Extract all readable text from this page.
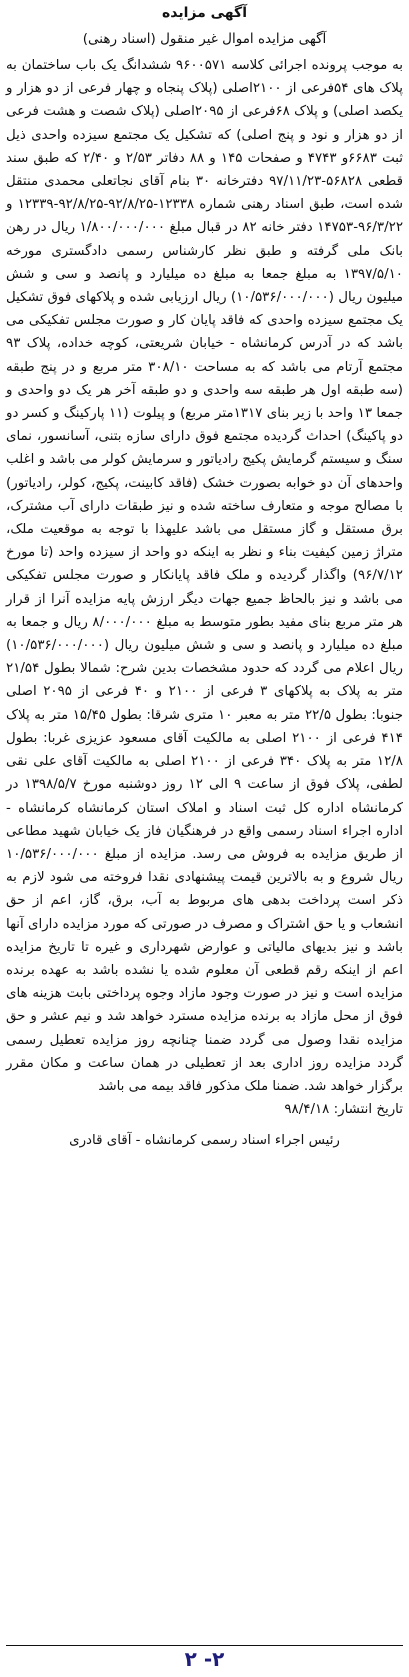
آگهی مزایده
آگهی مزایده اموال غیر منقول (اسناد رهنی)

به موجب پرونده اجرائی کلاسه ۹۶۰۰۵۷۱ ششدانگ یک باب ساختمان به پلاک های ۵۴فرعی از ۲۱۰۰اصلی (پلاک پنجاه و چهار فرعی از دو هزار و یکصد اصلی) و پلاک ۶۸فرعی از ۲۰۹۵اصلی (پلاک شصت و هشت فرعی از دو هزار و نود و پنج اصلی) که تشکیل یک مجتمع سیزده واحدی ذیل ثبت ۶۶۸۳و ۴۷۴۳ و صفحات ۱۴۵ و ۸۸ دفاتر ۲/۵۳ و ۲/۴۰ که طبق سند قطعی ۵۶۸۲۸-۹۷/۱۱/۲۳ دفترخانه ۳۰ بنام آقای نجاتعلی محمدی منتقل شده است، طبق اسناد رهنی شماره ۱۲۳۳۸-۹۲/۸/۲۵-۹۲/۸/۲۵-۱۲۳۳۹ و ۹۶/۳/۲۲-۱۴۷۵۳ دفتر خانه ۸۲ در قبال مبلغ ۱/۸۰۰/۰۰۰/۰۰۰ ریال در رهن بانک ملی گرفته و طبق نظر کارشناس رسمی دادگستری مورخه ۱۳۹۷/۵/۱۰ به مبلغ جمعا به مبلغ ده میلیارد و پانصد و سی و شش میلیون ریال (۱۰/۵۳۶/۰۰۰/۰۰۰) ریال ارزیابی شده و پلاکهای فوق تشکیل یک مجتمع سیزده واحدی که فاقد پایان کار و صورت مجلس تفکیکی می باشد که در آدرس کرمانشاه - خیابان شریعتی، کوچه خداده، پلاک ۹۳ مجتمع آرتام می باشد که به مساحت ۳۰۸/۱۰ متر مربع و در پنج طبقه (سه طبقه اول هر طبقه سه واحدی و دو طبقه آخر هر یک دو واحدی و جمعا ۱۳ واحد با زیر بنای ۱۳۱۷متر مربع) و پیلوت (۱۱ پارکینگ و کسر دو دو پاکینگ) احداث گردیده مجتمع فوق دارای سازه بتنی، آسانسور، نمای سنگ و سیستم گرمایش پکیج رادیاتور و سرمایش کولر می باشد و اغلب واحدهای آن دو خوابه بصورت خشک (فاقد کابینت، پکیج، کولر، رادیاتور) با مصالح موجه و متعارف ساخته شده و نیز طبقات دارای آب مشترک، برق مستقل و گاز مستقل می باشد علیهذا با توجه به موقعیت ملک، متراژ زمین کیفیت بناء و نظر به اینکه دو واحد از سیزده واحد (تا مورخ ۹۶/۷/۱۲) واگذار گردیده و ملک فاقد پایانکار و صورت مجلس تفکیکی می باشد و نیز بالحاظ جمیع جهات دیگر ارزش پایه مزایده آنرا از قرار هر متر مربع بنای مفید بطور متوسط به مبلغ ۸/۰۰۰/۰۰۰ ریال و جمعا به مبلغ ده میلیارد و پانصد و سی و شش میلیون ریال (۱۰/۵۳۶/۰۰۰/۰۰۰) ریال اعلام می گردد که حدود مشخصات بدین شرح: شمالا بطول ۲۱/۵۴ متر به پلاک به پلاکهای ۳ فرعی از ۲۱۰۰ و ۴۰ فرعی از ۲۰۹۵ اصلی جنوبا: بطول ۲۲/۵ متر به معبر ۱۰ متری شرقا: بطول ۱۵/۴۵ متر به پلاک ۴۱۴ فرعی از ۲۱۰۰ اصلی به مالکیت آقای مسعود عزیزی غربا: بطول ۱۲/۸ متر به پلاک ۳۴۰ فرعی از ۲۱۰۰ اصلی به مالکیت آقای علی نقی لطفی، پلاک فوق از ساعت ۹ الی ۱۲ روز دوشنبه مورخ ۱۳۹۸/۵/۷ در کرمانشاه اداره کل ثبت اسناد و املاک استان کرمانشاه کرمانشاه - اداره اجراء اسناد رسمی واقع در فرهنگیان فاز یک خیابان شهید مطاعی از طریق مزایده به فروش می رسد. مزایده از مبلغ ۱۰/۵۳۶/۰۰۰/۰۰۰ ریال شروع و به بالاترین قیمت پیشنهادی نقدا فروخته می شود لازم به ذکر است پرداخت بدهی های مربوط به آب، برق، گاز، اعم از حق انشعاب و یا حق اشتراک و مصرف در صورتی که مورد مزایده دارای آنها باشد و نیز بدیهای مالیاتی و عوارض شهرداری و غیره تا تاریخ مزایده اعم از اینکه رقم قطعی آن معلوم شده یا نشده باشد به عهده برنده مزایده است و نیز در صورت وجود مازاد وجوه پرداختی بابت هزینه های فوق از محل مازاد به برنده مزایده مسترد خواهد شد و نیم عشر و حق مزایده نقدا وصول می گردد ضمنا چنانچه روز مزایده تعطیل رسمی گردد مزایده روز اداری بعد از تعطیلی در همان ساعت و مکان مقرر برگزار خواهد شد. ضمنا ملک مذکور فاقد بیمه می باشد

تاریخ انتشار: ۹۸/۴/۱۸

رئیس اجراء اسناد رسمی کرمانشاه - آقای قادری

۲- ۲
